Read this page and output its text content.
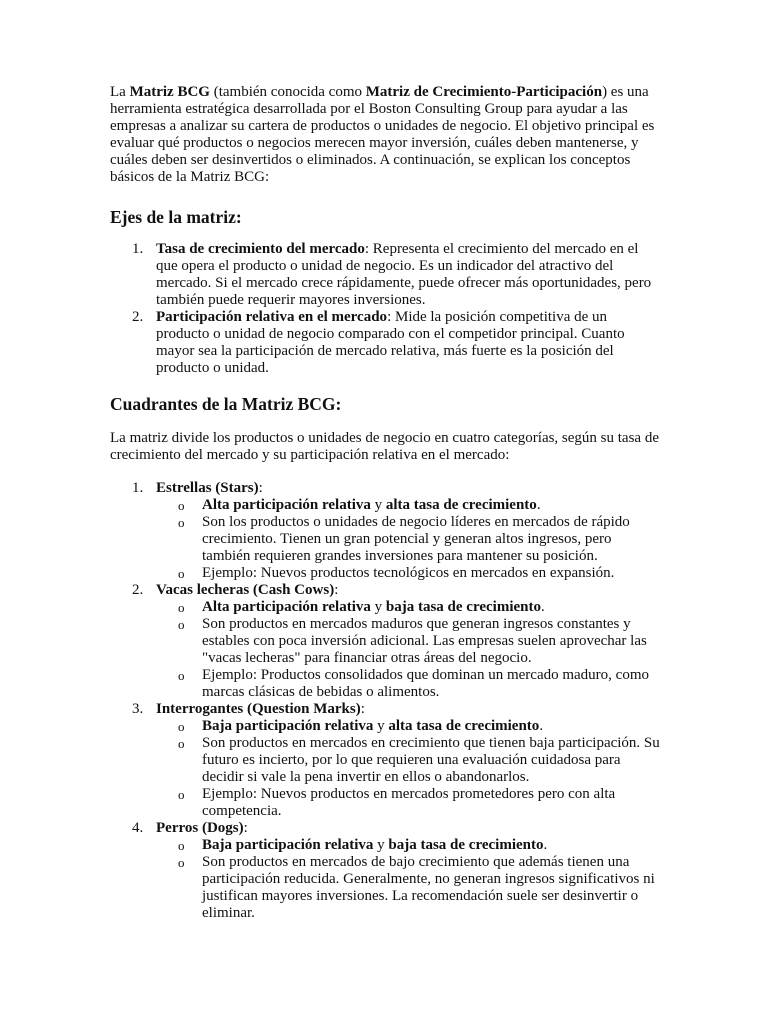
La Matriz BCG (también conocida como Matriz de Crecimiento-Participación) es una herramienta estratégica desarrollada por el Boston Consulting Group para ayudar a las empresas a analizar su cartera de productos o unidades de negocio. El objetivo principal es evaluar qué productos o negocios merecen mayor inversión, cuáles deben mantenerse, y cuáles deben ser desinvertidos o eliminados. A continuación, se explican los conceptos básicos de la Matriz BCG:

Ejes de la matriz:
1. Tasa de crecimiento del mercado: Representa el crecimiento del mercado en el que opera el producto o unidad de negocio. Es un indicador del atractivo del mercado. Si el mercado crece rápidamente, puede ofrecer más oportunidades, pero también puede requerir mayores inversiones.
2. Participación relativa en el mercado: Mide la posición competitiva de un producto o unidad de negocio comparado con el competidor principal. Cuanto mayor sea la participación de mercado relativa, más fuerte es la posición del producto o unidad.
Cuadrantes de la Matriz BCG:

La matriz divide los productos o unidades de negocio en cuatro categorías, según su tasa de crecimiento del mercado y su participación relativa en el mercado:

1. Estrellas (Stars):
o Alta participación relativa y alta tasa de crecimiento.
o Son los productos o unidades de negocio líderes en mercados de rápido crecimiento. Tienen un gran potencial y generan altos ingresos, pero también requieren grandes inversiones para mantener su posición.
o Ejemplo: Nuevos productos tecnológicos en mercados en expansión.
2. Vacas lecheras (Cash Cows):
o Alta participación relativa y baja tasa de crecimiento.
o Son productos en mercados maduros que generan ingresos constantes y estables con poca inversión adicional. Las empresas suelen aprovechar las "vacas lecheras" para financiar otras áreas del negocio.
o Ejemplo: Productos consolidados que dominan un mercado maduro, como marcas clásicas de bebidas o alimentos.
3. Interrogantes (Question Marks):
o Baja participación relativa y alta tasa de crecimiento.
o Son productos en mercados en crecimiento que tienen baja participación. Su futuro es incierto, por lo que requieren una evaluación cuidadosa para decidir si vale la pena invertir en ellos o abandonarlos.
o Ejemplo: Nuevos productos en mercados prometedores pero con alta competencia.
4. Perros (Dogs):
o Baja participación relativa y baja tasa de crecimiento.
o Son productos en mercados de bajo crecimiento que además tienen una participación reducida. Generalmente, no generan ingresos significativos ni justifican mayores inversiones. La recomendación suele ser desinvertir o eliminar.
